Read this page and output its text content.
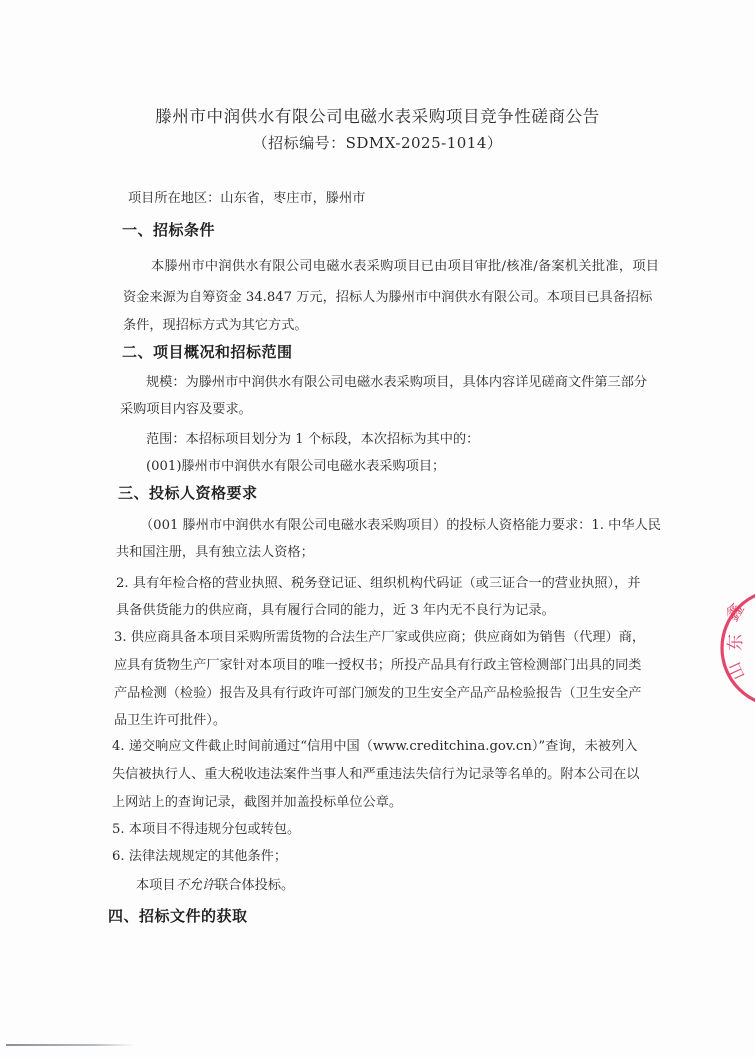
滕州市中润供水有限公司电磁水表采购项目竞争性磋商公告
（招标编号：SDMX-2025-1014）
项目所在地区：山东省，枣庄市，滕州市
一、招标条件
本滕州市中润供水有限公司电磁水表采购项目已由项目审批/核准/备案机关批准，项目
资金来源为自筹资金 34.847 万元，招标人为滕州市中润供水有限公司。本项目已具备招标
条件，现招标方式为其它方式。
二、项目概况和招标范围
规模：为滕州市中润供水有限公司电磁水表采购项目，具体内容详见磋商文件第三部分
采购项目内容及要求。
范围：本招标项目划分为 1 个标段，本次招标为其中的：
(001)滕州市中润供水有限公司电磁水表采购项目；
三、投标人资格要求
（001 滕州市中润供水有限公司电磁水表采购项目）的投标人资格能力要求：1. 中华人民
共和国注册，具有独立法人资格；
2. 具有年检合格的营业执照、税务登记证、组织机构代码证（或三证合一的营业执照），并
具备供货能力的供应商，具有履行合同的能力，近 3 年内无不良行为记录。
3. 供应商具备本项目采购所需货物的合法生产厂家或供应商；供应商如为销售（代理）商，
应具有货物生产厂家针对本项目的唯一授权书；所投产品具有行政主管检测部门出具的同类
产品检测（检验）报告及具有行政许可部门颁发的卫生安全产品产品检验报告（卫生安全产
品卫生许可批件）。
4. 递交响应文件截止时间前通过“信用中国（www.creditchina.gov.cn）”查询，未被列入
失信被执行人、重大税收违法案件当事人和严重违法失信行为记录等名单的。附本公司在以
上网站上的查询记录，截图并加盖投标单位公章。
5. 本项目不得违规分包或转包。
6. 法律法规规定的其他条件；
本项目不允许联合体投标。
四、招标文件的获取
鑫
东
山
